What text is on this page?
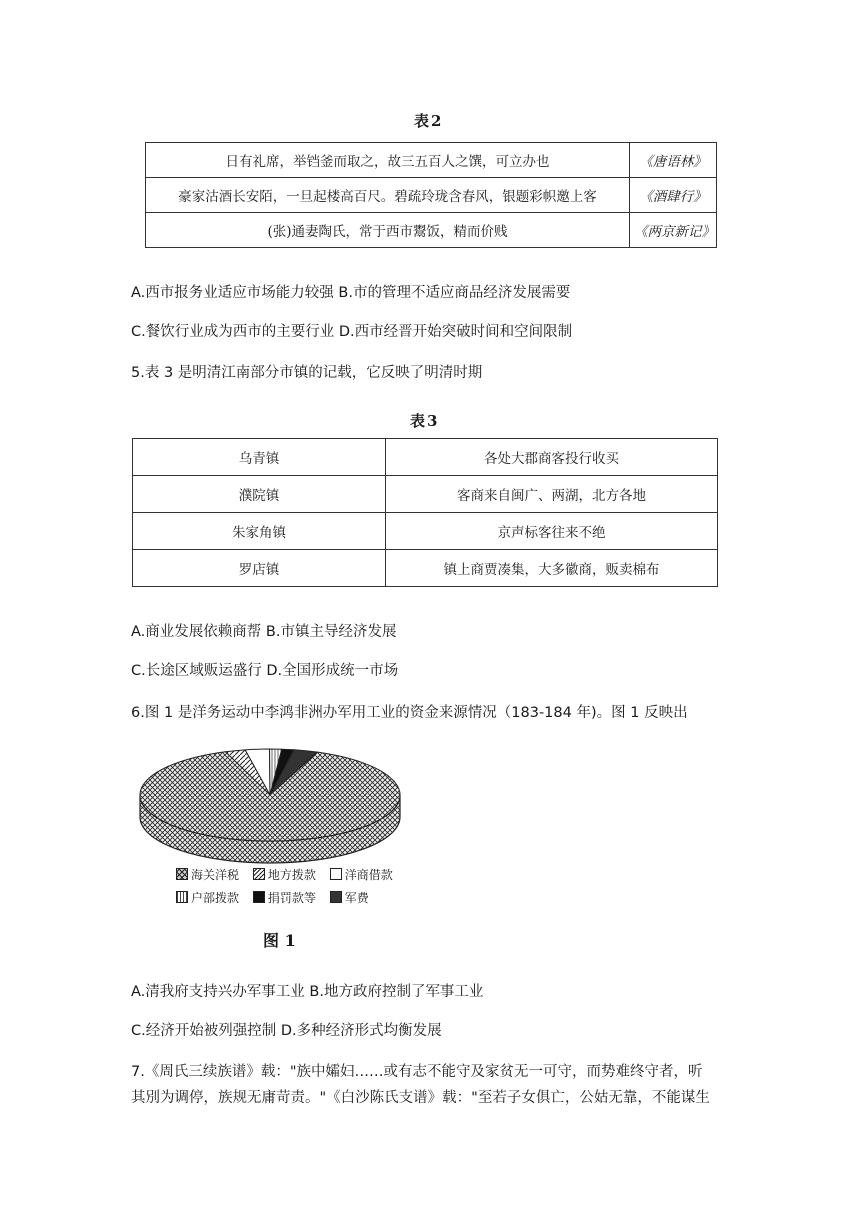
表2
日有礼席，举铛釜而取之，故三五百人之馔，可立办也	《唐语林》
豪家沽酒长安陌，一旦起楼高百尺。碧疏玲珑含春风，银题彩帜邀上客	《酒肆行》
(张)通妻陶氏，常于西市鬻饭，精而价贱	《两京新记》
A.西市报务业适应市场能力较强 B.市的管理不适应商品经济发展需要
C.餐饮行业成为西市的主要行业 D.西市经晋开始突破时间和空间限制
5.表 3 是明清江南部分市镇的记载，它反映了明清时期
表3
乌青镇	各处大郡商客投行收买
濮院镇	客商来自闽广、两湖，北方各地
朱家角镇	京声标客往来不绝
罗店镇	镇上商贾凑集，大多徽商，贩卖棉布
A.商业发展依赖商帮 B.市镇主导经济发展
C.长途区域贩运盛行 D.全国形成统一市场
6.图 1 是洋务运动中李鸿非洲办军用工业的资金来源情况（183-184 年)。图 1 反映出
海关洋税 地方拨款 洋商借款
户部拨款 捐罚款等 军费
图 1
A.清我府支持兴办军事工业 B.地方政府控制了军事工业
C.经济开始被列强控制 D.多种经济形式均衡发展
7.《周氏三续族谱》载："族中孀妇……或有志不能守及家贫无一可守，而势难终守者，听
其別为调停，族规无庸苛责。"《白沙陈氏支谱》载："至若子女俱亡，公姑无靠，不能谋生
